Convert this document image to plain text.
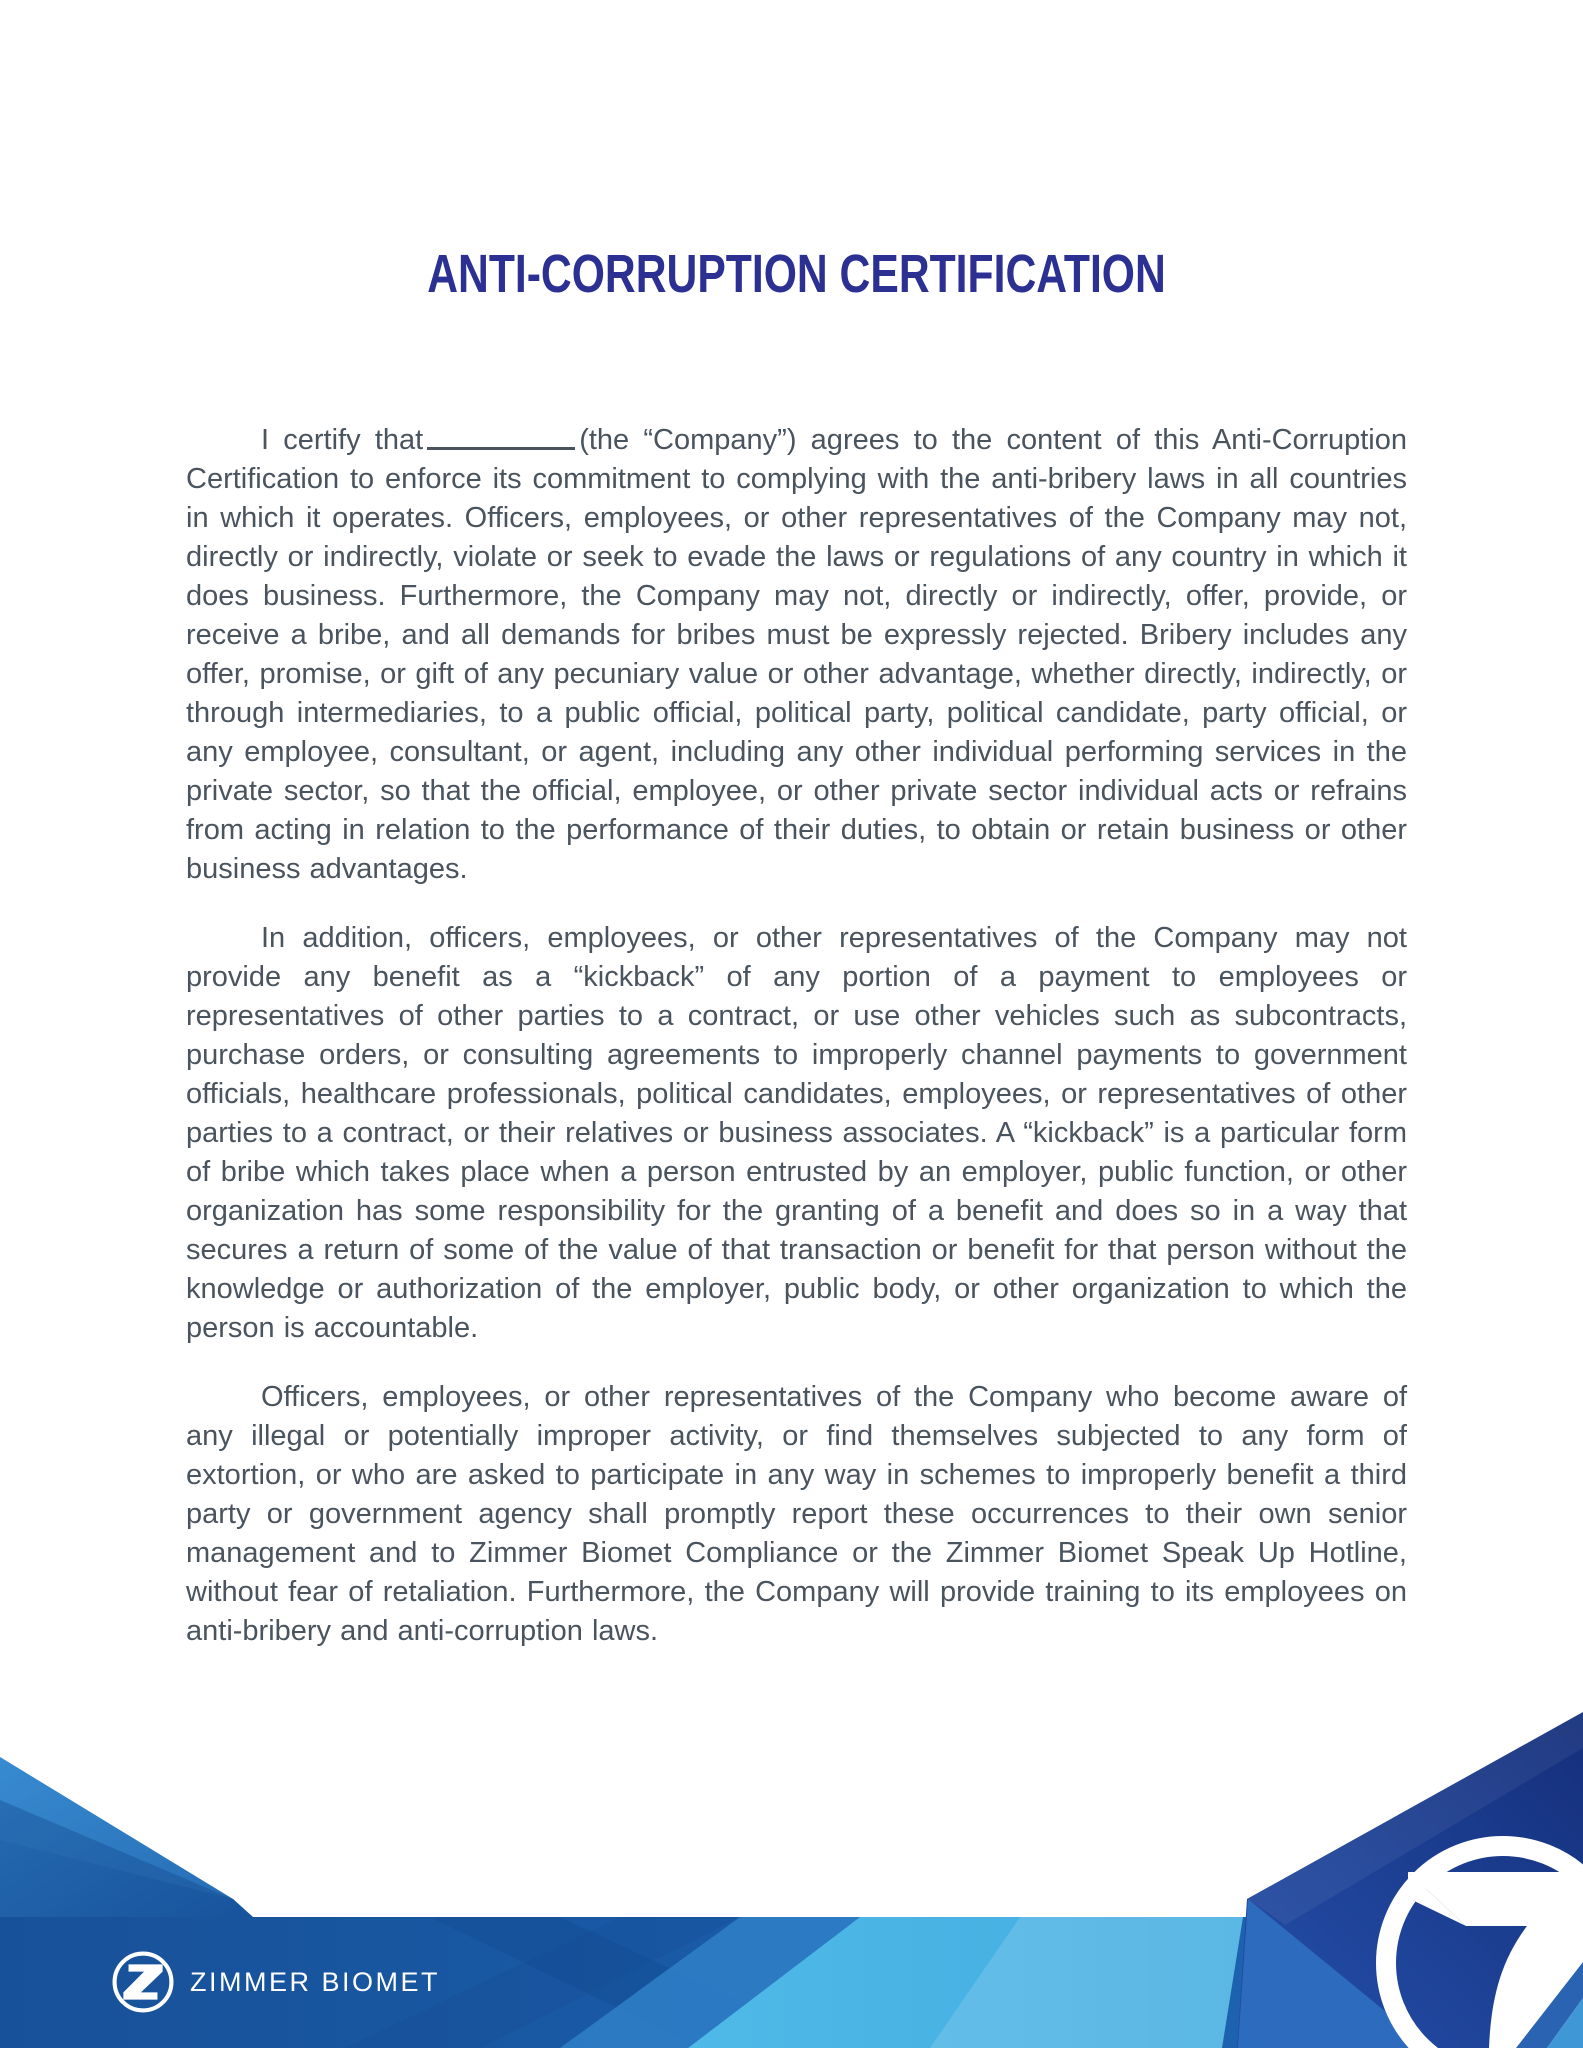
ANTI-CORRUPTION CERTIFICATION

I certify that	(the “Company”) agrees to the content of this Anti-Corruption Certification to enforce its commitment to complying with the anti-bribery laws in all countries in which it operates. Officers, employees, or other representatives of the Company may not, directly or indirectly, violate or seek to evade the laws or regulations of any country in which it does business. Furthermore, the Company may not, directly or indirectly, offer, provide, or receive a bribe, and all demands for bribes must be expressly rejected. Bribery includes any offer, promise, or gift of any pecuniary value or other advantage, whether directly, indirectly, or through intermediaries, to a public official, political party, political candidate, party official, or any employee, consultant, or agent, including any other individual performing services in the private sector, so that the official, employee, or other private sector individual acts or refrains from acting in relation to the performance of their duties, to obtain or retain business or other business advantages.

In addition, officers, employees, or other representatives of the Company may not provide any benefit as a “kickback” of any portion of a payment to employees or representatives of other parties to a contract, or use other vehicles such as subcontracts, purchase orders, or consulting agreements to improperly channel payments to government officials, healthcare professionals, political candidates, employees, or representatives of other parties to a contract, or their relatives or business associates. A “kickback” is a particular form of bribe which takes place when a person entrusted by an employer, public function, or other organization has some responsibility for the granting of a benefit and does so in a way that secures a return of some of the value of that transaction or benefit for that person without the knowledge or authorization of the employer, public body, or other organization to which the person is accountable.

Officers, employees, or other representatives of the Company who become aware of any illegal or potentially improper activity, or find themselves subjected to any form of extortion, or who are asked to participate in any way in schemes to improperly benefit a third party or government agency shall promptly report these occurrences to their own senior management and to Zimmer Biomet Compliance or the Zimmer Biomet Speak Up Hotline, without fear of retaliation. Furthermore, the Company will provide training to its employees on anti-bribery and anti-corruption laws.

ZIMMER BIOMET
